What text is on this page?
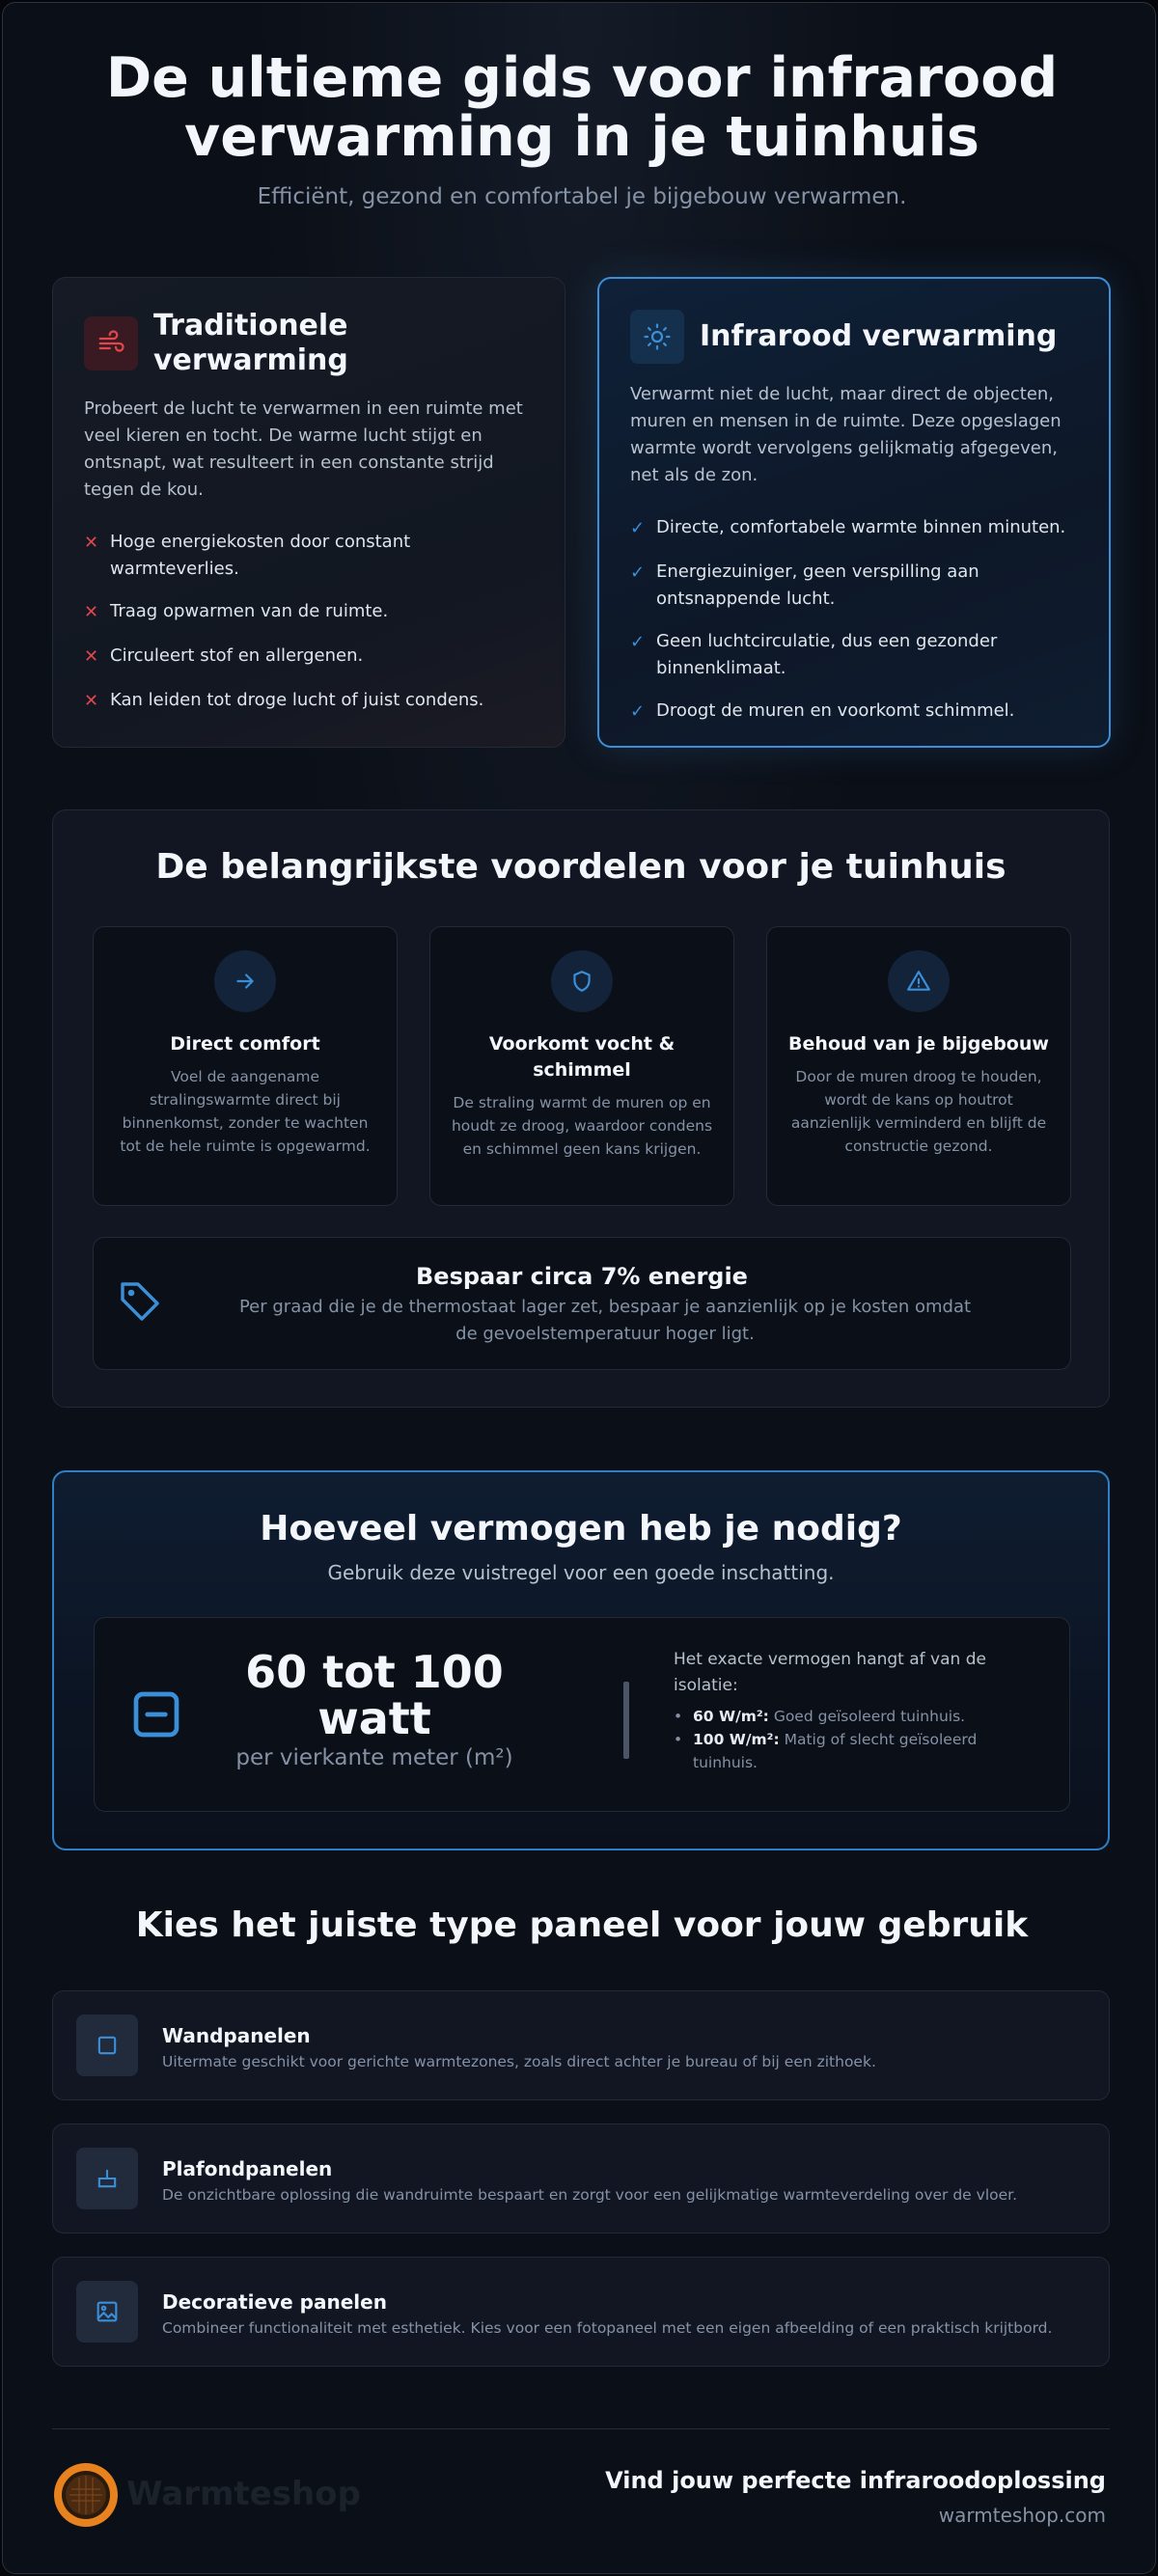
De ultieme gids voor infrarood
verwarming in je tuinhuis

Efficiënt, gezond en comfortabel je bijgebouw verwarmen.

Traditionele verwarming

Probeert de lucht te verwarmen in een ruimte met veel kieren en tocht. De warme lucht stijgt en ontsnapt, wat resulteert in een constante strijd tegen de kou.

✕ Hoge energiekosten door constant warmteverlies.
✕ Traag opwarmen van de ruimte.
✕ Circuleert stof en allergenen.
✕ Kan leiden tot droge lucht of juist condens.
Infrarood verwarming

Verwarmt niet de lucht, maar direct de objecten, muren en mensen in de ruimte. Deze opgeslagen warmte wordt vervolgens gelijkmatig afgegeven, net als de zon.

✓ Directe, comfortabele warmte binnen minuten.
✓ Energiezuiniger, geen verspilling aan ontsnappende lucht.
✓ Geen luchtcirculatie, dus een gezonder binnenklimaat.
✓ Droogt de muren en voorkomt schimmel.
De belangrijkste voordelen voor je tuinhuis
Direct comfort

Voel de aangename stralingswarmte direct bij binnenkomst, zonder te wachten tot de hele ruimte is opgewarmd.

Voorkomt vocht & schimmel

De straling warmt de muren op en houdt ze droog, waardoor condens en schimmel geen kans krijgen.

Behoud van je bijgebouw

Door de muren droog te houden, wordt de kans op houtrot aanzienlijk verminderd en blijft de constructie gezond.

Bespaar circa 7% energie

Per graad die je de thermostaat lager zet, bespaar je aanzienlijk op je kosten omdat de gevoelstemperatuur hoger ligt.

Hoeveel vermogen heb je nodig?

Gebruik deze vuistregel voor een goede inschatting.

60 tot 100
watt
per vierkante meter (m²)

Het exacte vermogen hangt af van de isolatie:

• 60 W/m²: Goed geïsoleerd tuinhuis.
• 100 W/m²: Matig of slecht geïsoleerd tuinhuis.
Kies het juiste type paneel voor jouw gebruik
Wandpanelen

Uitermate geschikt voor gerichte warmtezones, zoals direct achter je bureau of bij een zithoek.

Plafondpanelen

De onzichtbare oplossing die wandruimte bespaart en zorgt voor een gelijkmatige warmteverdeling over de vloer.

Decoratieve panelen

Combineer functionaliteit met esthetiek. Kies voor een fotopaneel met een eigen afbeelding of een praktisch krijtbord.

Warmteshop	Vind jouw perfecte infraroodoplossing
warmteshop.com
